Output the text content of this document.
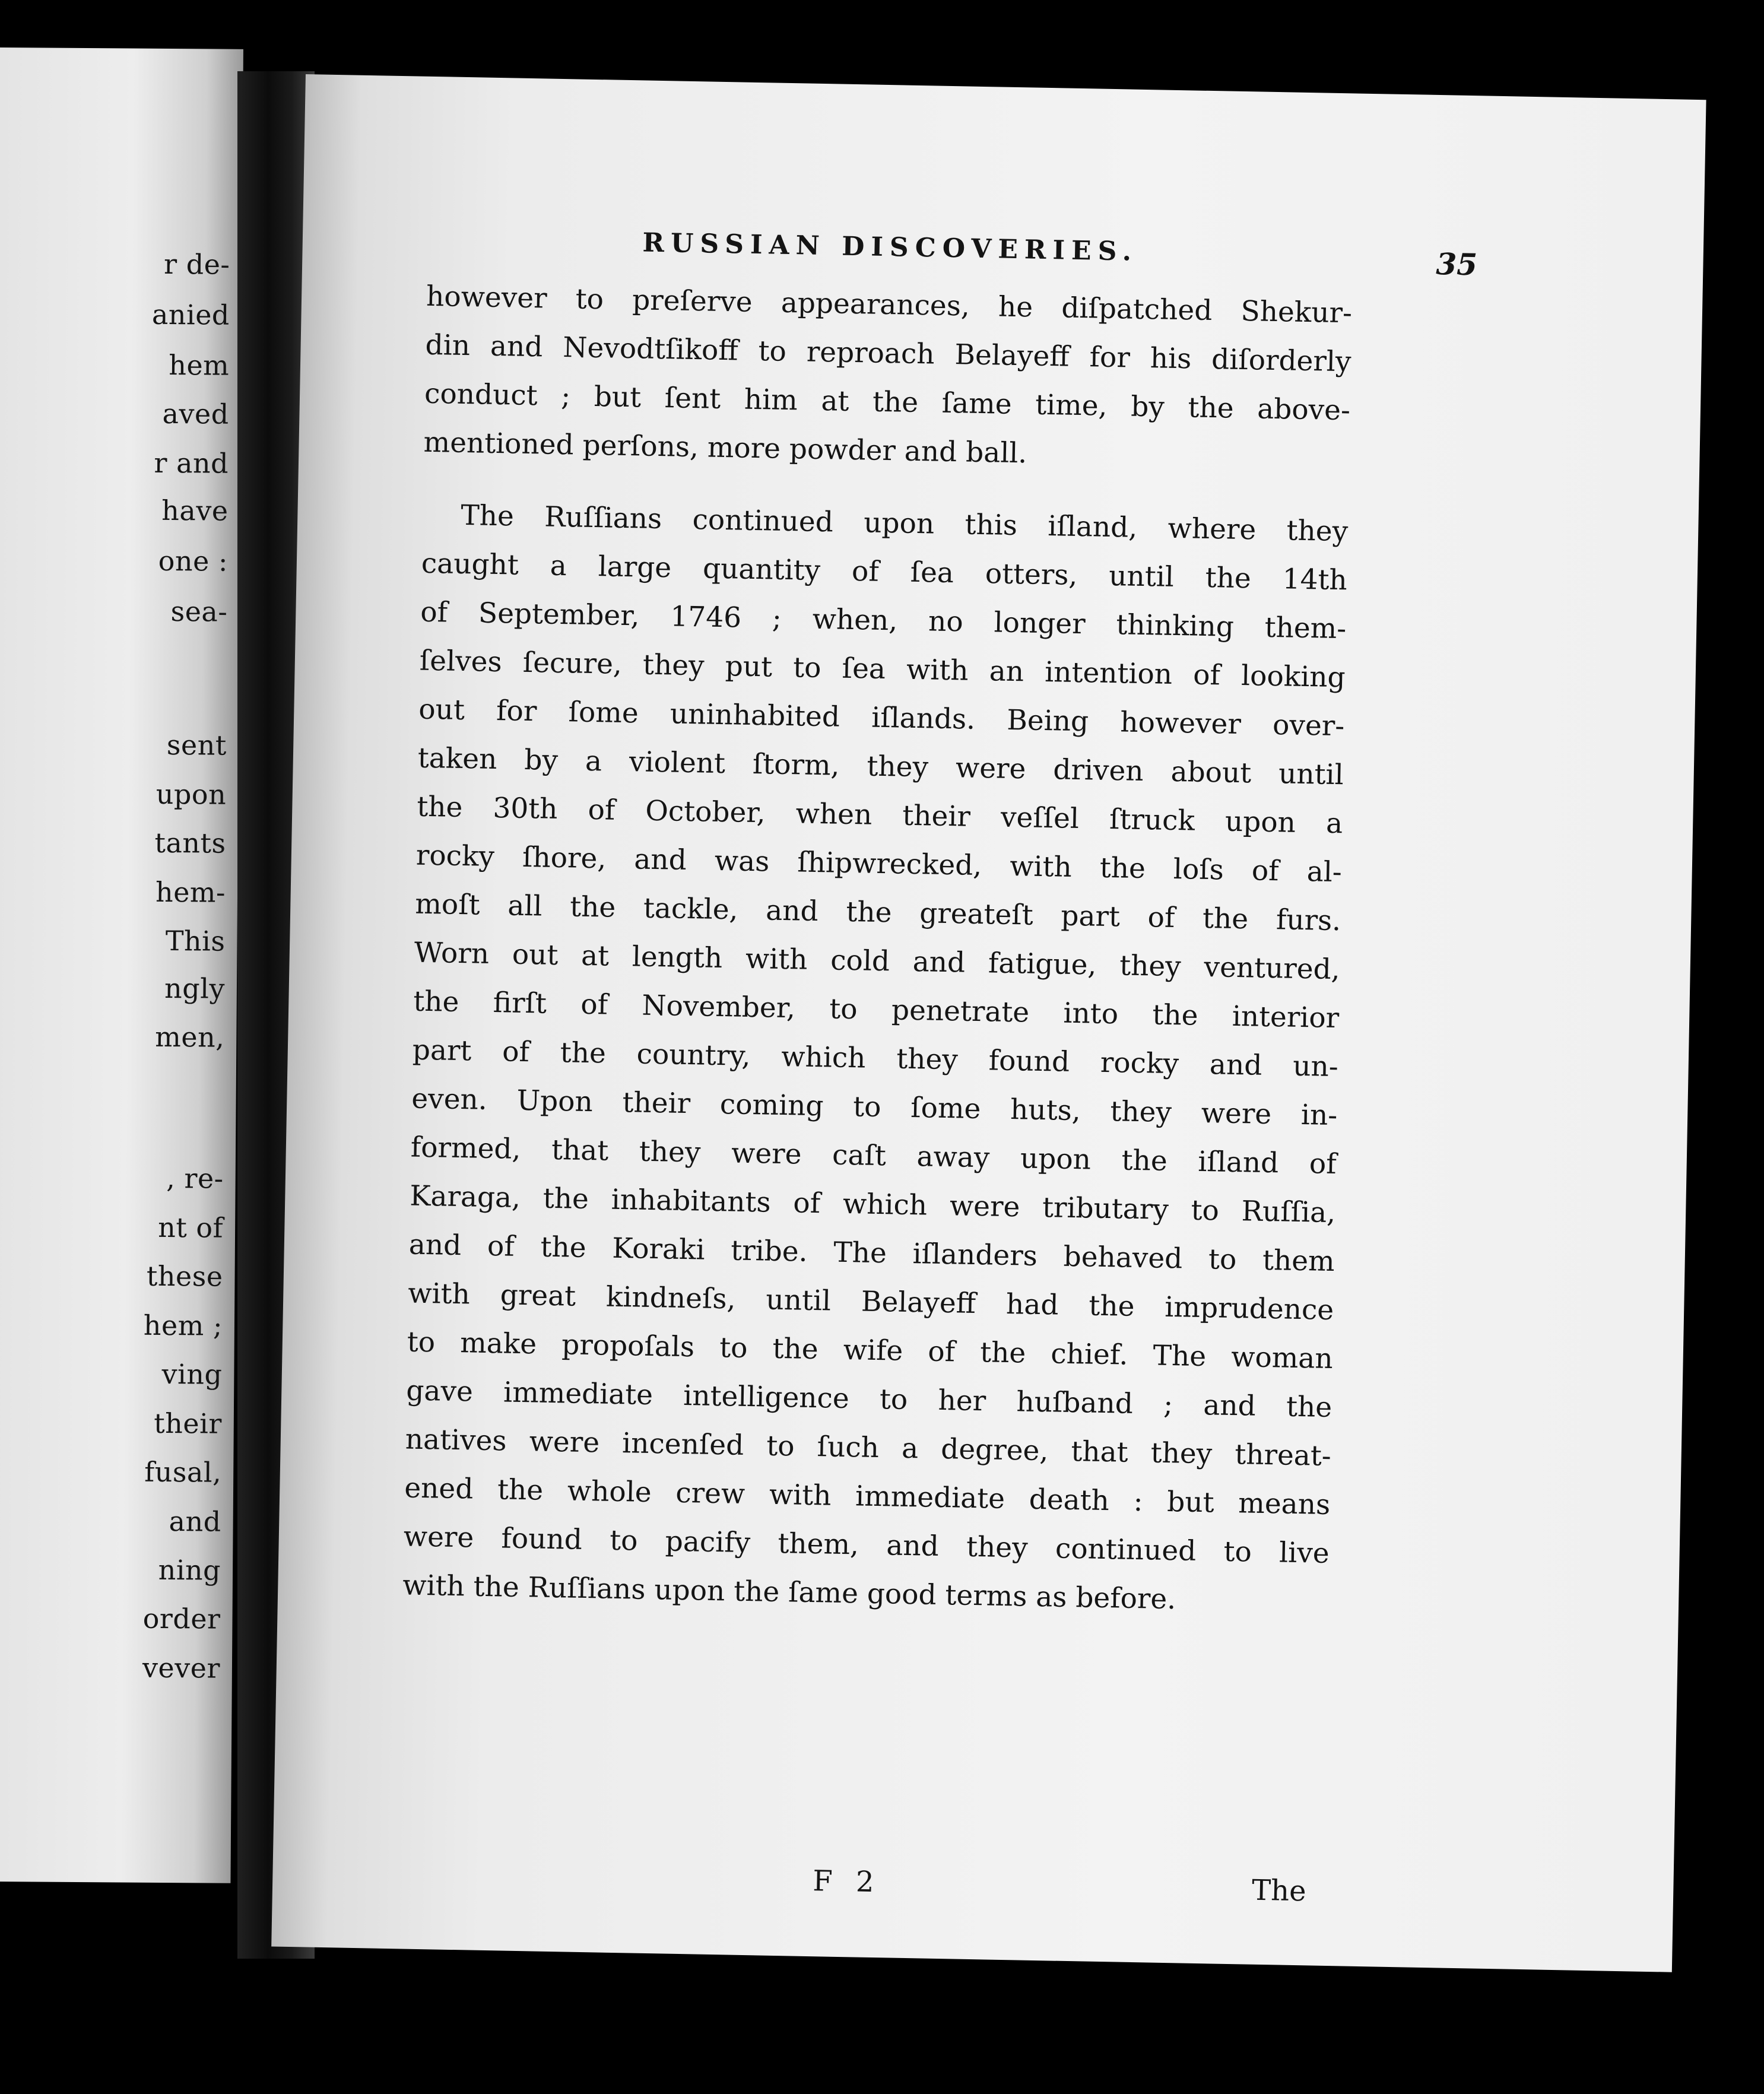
r de-
anied
hem
aved
r and
have
one :
sea-
sent
upon
tants
hem-
This
ngly
men,
, re-
nt of
these
hem ;
ving
their
fusal,
and
ning
order
vever
RUSSIAN DISCOVERIES.	35
however to preſerve appearances, he diſpatched Shekur-
din and Nevodtſikoff to reproach Belayeff for his diſorderly
conduct ; but ſent him at the ſame time, by the above-
mentioned perſons, more powder and ball.
The Ruſſians continued upon this iſland, where they
caught a large quantity of ſea otters, until the 14th
of September, 1746 ; when, no longer thinking them-
ſelves ſecure, they put to ſea with an intention of looking
out for ſome uninhabited iſlands. Being however over-
taken by a violent ſtorm, they were driven about until
the 30th of October, when their veſſel ſtruck upon a
rocky ſhore, and was ſhipwrecked, with the loſs of al-
moſt all the tackle, and the greateſt part of the furs.
Worn out at length with cold and fatigue, they ventured,
the firſt of November, to penetrate into the interior
part of the country, which they found rocky and un-
even. Upon their coming to ſome huts, they were in-
formed, that they were caſt away upon the iſland of
Karaga, the inhabitants of which were tributary to Ruſſia,
and of the Koraki tribe. The iſlanders behaved to them
with great kindneſs, until Belayeff had the imprudence
to make propoſals to the wife of the chief. The woman
gave immediate intelligence to her huſband ; and the
natives were incenſed to ſuch a degree, that they threat-
ened the whole crew with immediate death : but means
were found to pacify them, and they continued to live
with the Ruſſians upon the ſame good terms as before.
F 2	The
